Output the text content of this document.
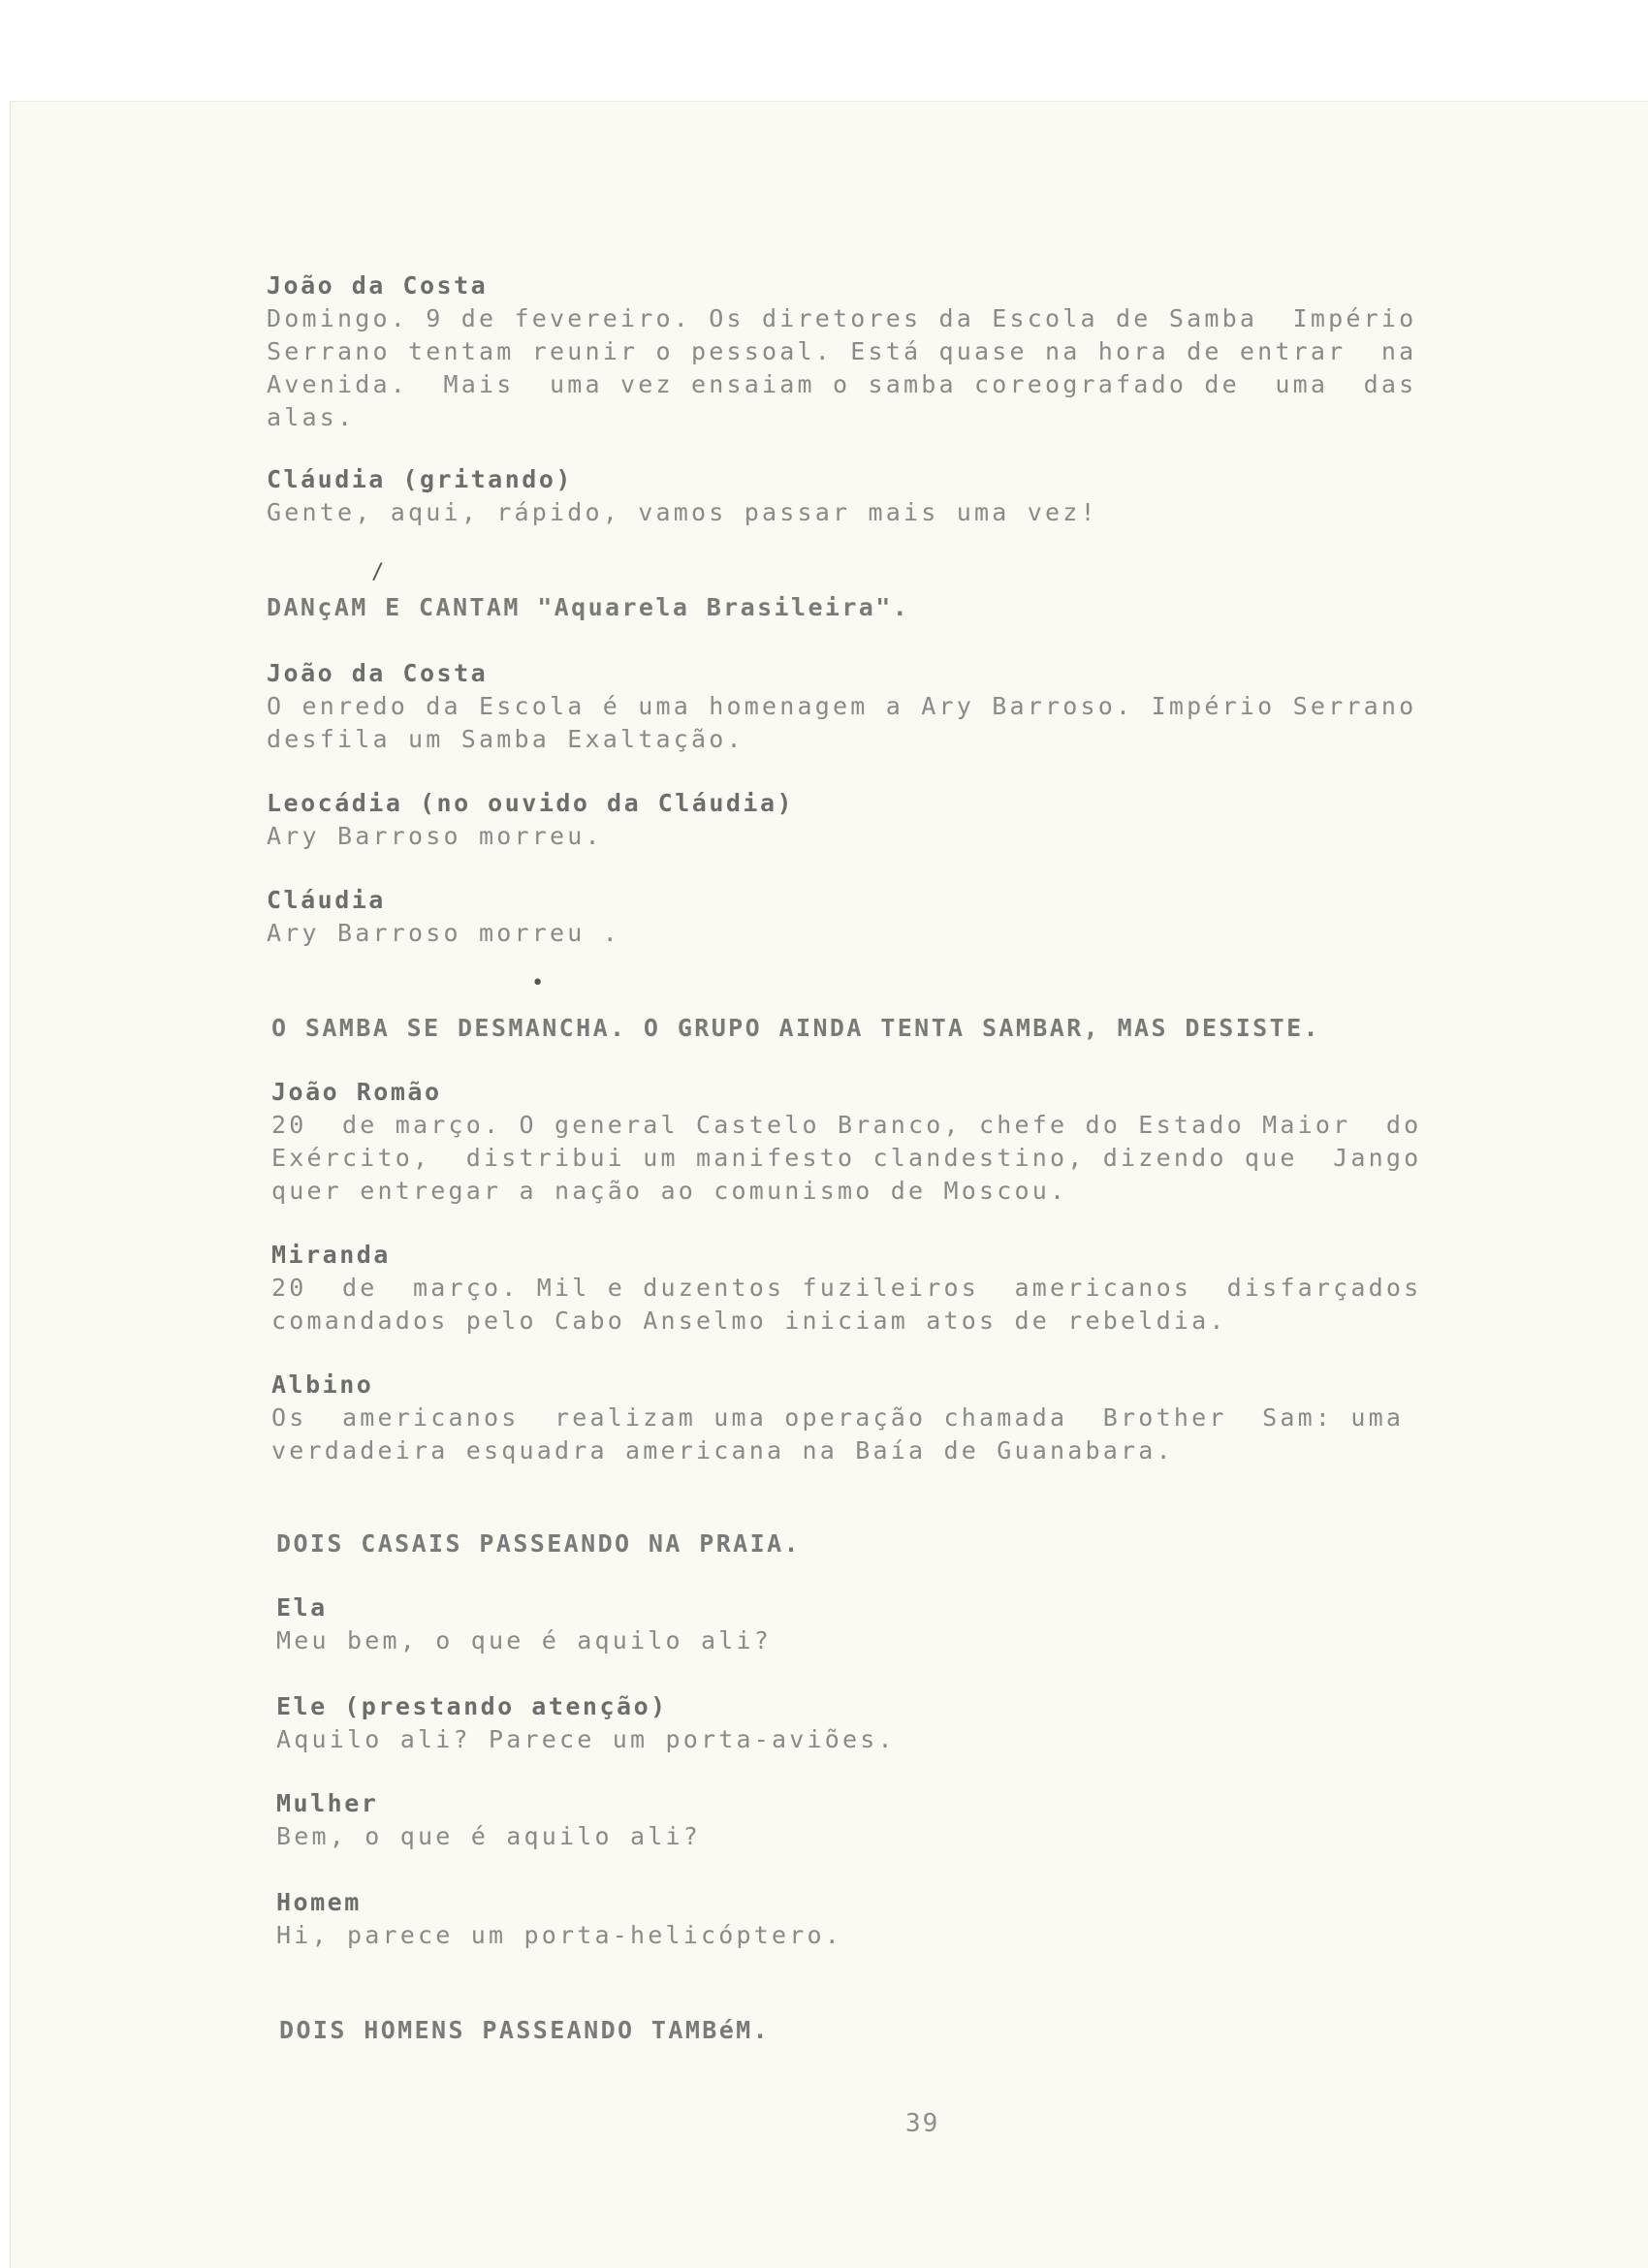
João da Costa
Domingo. 9 de fevereiro. Os diretores da Escola de Samba  Império
Serrano tentam reunir o pessoal. Está quase na hora de entrar  na
Avenida.  Mais  uma vez ensaiam o samba coreografado de  uma  das
alas.
Cláudia (gritando)
Gente, aqui, rápido, vamos passar mais uma vez!
/
DANçAM E CANTAM "Aquarela Brasileira".
João da Costa
O enredo da Escola é uma homenagem a Ary Barroso. Império Serrano
desfila um Samba Exaltação.
Leocádia (no ouvido da Cláudia)
Ary Barroso morreu.
Cláudia
Ary Barroso morreu .
•
O SAMBA SE DESMANCHA. O GRUPO AINDA TENTA SAMBAR, MAS DESISTE.
João Romão
20  de março. O general Castelo Branco, chefe do Estado Maior  do
Exército,  distribui um manifesto clandestino, dizendo que  Jango
quer entregar a nação ao comunismo de Moscou.
Miranda
20  de  março. Mil e duzentos fuzileiros  americanos  disfarçados
comandados pelo Cabo Anselmo iniciam atos de rebeldia.
Albino
Os  americanos  realizam uma operação chamada  Brother  Sam: uma
verdadeira esquadra americana na Baía de Guanabara.
DOIS CASAIS PASSEANDO NA PRAIA.
Ela
Meu bem, o que é aquilo ali?
Ele (prestando atenção)
Aquilo ali? Parece um porta-aviões.
Mulher
Bem, o que é aquilo ali?
Homem
Hi, parece um porta-helicóptero.
DOIS HOMENS PASSEANDO TAMBéM.
39
